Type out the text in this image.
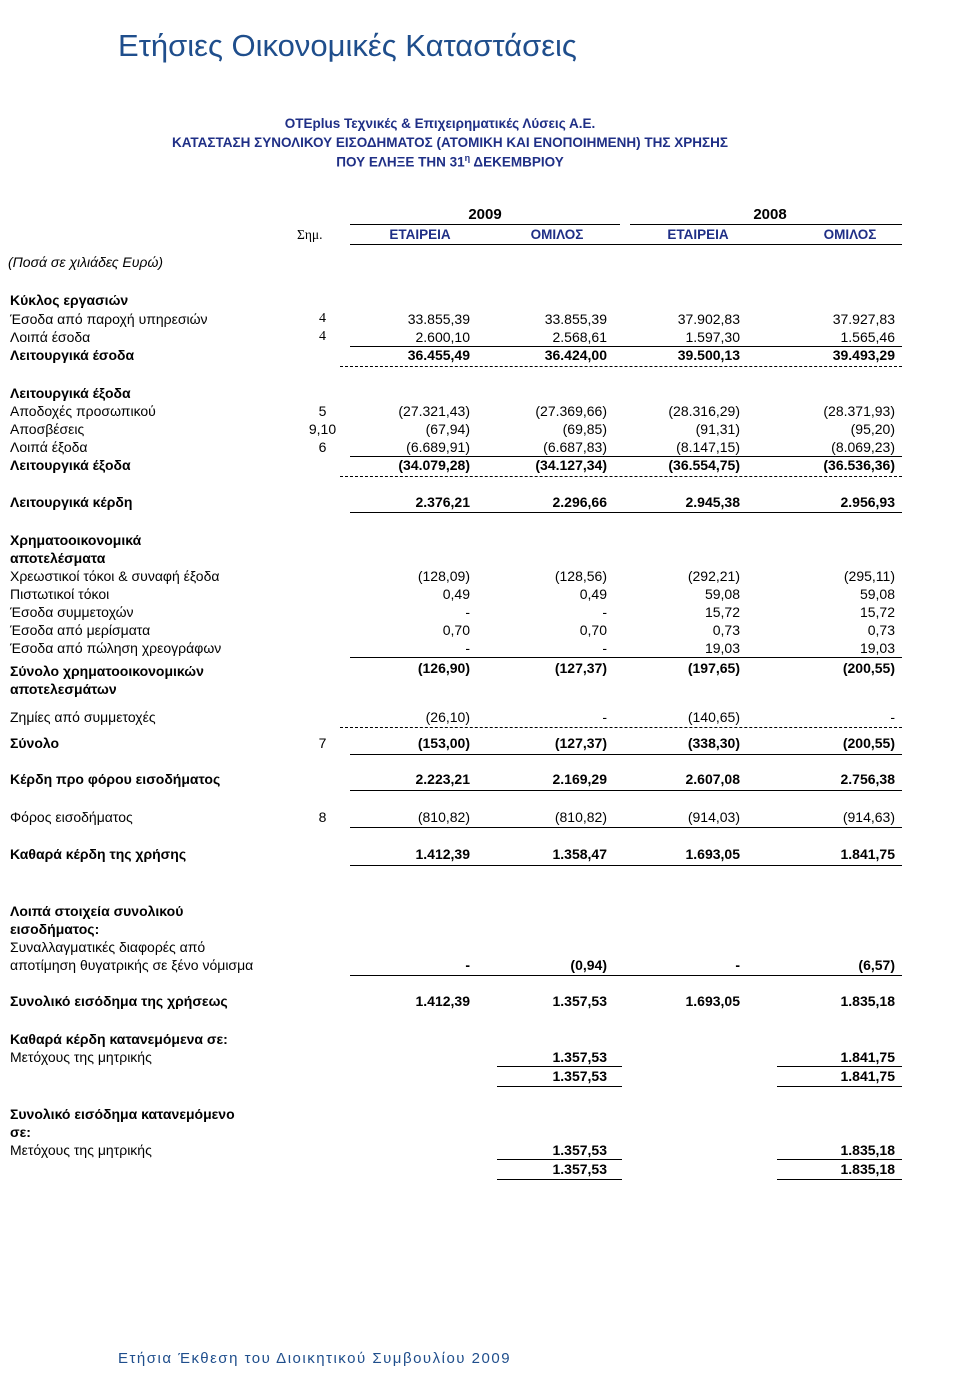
Ετήσιες Οικονομικές Καταστάσεις
OTEplus Τεχνικές & Επιχειρηματικές Λύσεις Α.Ε.
ΚΑΤΑΣΤΑΣΗ ΣΥΝΟΛΙΚΟΥ ΕΙΣΟΔΗΜΑΤΟΣ (ΑΤΟΜΙΚΗ ΚΑΙ ΕΝΟΠΟΙΗΜΕΝΗ) ΤΗΣ ΧΡΗΣΗΣ
ΠΟΥ ΕΛΗΞΕ ΤΗΝ $31^\eta$ ΔΕΚΕΜΒΡΙΟΥ
2009	2008
Σημ.	ΕΤΑΙΡΕΙΑ	ΟΜΙΛΟΣ	ΕΤΑΙΡΕΙΑ	ΟΜΙΛΟΣ
(Ποσά σε χιλιάδες Ευρώ)
Κύκλος εργασιών
Έσοδα από παροχή υπηρεσιών	4	33.855,39	33.855,39	37.902,83	37.927,83
Λοιπά έσοδα	4	2.600,10	2.568,61	1.597,30	1.565,46
Λειτουργικά έσοδα	36.455,49	36.424,00	39.500,13	39.493,29
Λειτουργικά έξοδα
Αποδοχές προσωπικού	5	(27.321,43)	(27.369,66)	(28.316,29)	(28.371,93)
Αποσβέσεις	9,10	(67,94)	(69,85)	(91,31)	(95,20)
Λοιπά έξοδα	6	(6.689,91)	(6.687,83)	(8.147,15)	(8.069,23)
Λειτουργικά έξοδα	(34.079,28)	(34.127,34)	(36.554,75)	(36.536,36)
Λειτουργικά κέρδη	2.376,21	2.296,66	2.945,38	2.956,93
Χρηματοοικονομικά
αποτελέσματα
Χρεωστικοί τόκοι & συναφή έξοδα	(128,09)	(128,56)	(292,21)	(295,11)
Πιστωτικοί τόκοι	0,49	0,49	59,08	59,08
Έσοδα συμμετοχών	-	-	15,72	15,72
Έσοδα από μερίσματα	0,70	0,70	0,73	0,73
Έσοδα από πώληση χρεογράφων	-	-	19,03	19,03
Σύνολο χρηματοοικονομικών	(126,90)	(127,37)	(197,65)	(200,55)
αποτελεσμάτων
Ζημίες από συμμετοχές	(26,10)	-	(140,65)	-
Σύνολο	7	(153,00)	(127,37)	(338,30)	(200,55)
Κέρδη προ φόρου εισοδήματος	2.223,21	2.169,29	2.607,08	2.756,38
Φόρος εισοδήματος	8	(810,82)	(810,82)	(914,03)	(914,63)
Καθαρά κέρδη της χρήσης	1.412,39	1.358,47	1.693,05	1.841,75
Λοιπά στοιχεία συνολικού
εισοδήματος:
Συναλλαγματικές διαφορές από
αποτίμηση θυγατρικής σε ξένο νόμισμα	-	(0,94)	-	(6,57)
Συνολικό εισόδημα της χρήσεως	1.412,39	1.357,53	1.693,05	1.835,18
Καθαρά κέρδη κατανεμόμενα σε:
Μετόχους της μητρικής	1.357,53	1.841,75
1.357,53	1.841,75
Συνολικό εισόδημα κατανεμόμενο
σε:
Μετόχους της μητρικής	1.357,53	1.835,18
1.357,53	1.835,18
Ετήσια Έκθεση του Διοικητικού Συμβουλίου 2009
